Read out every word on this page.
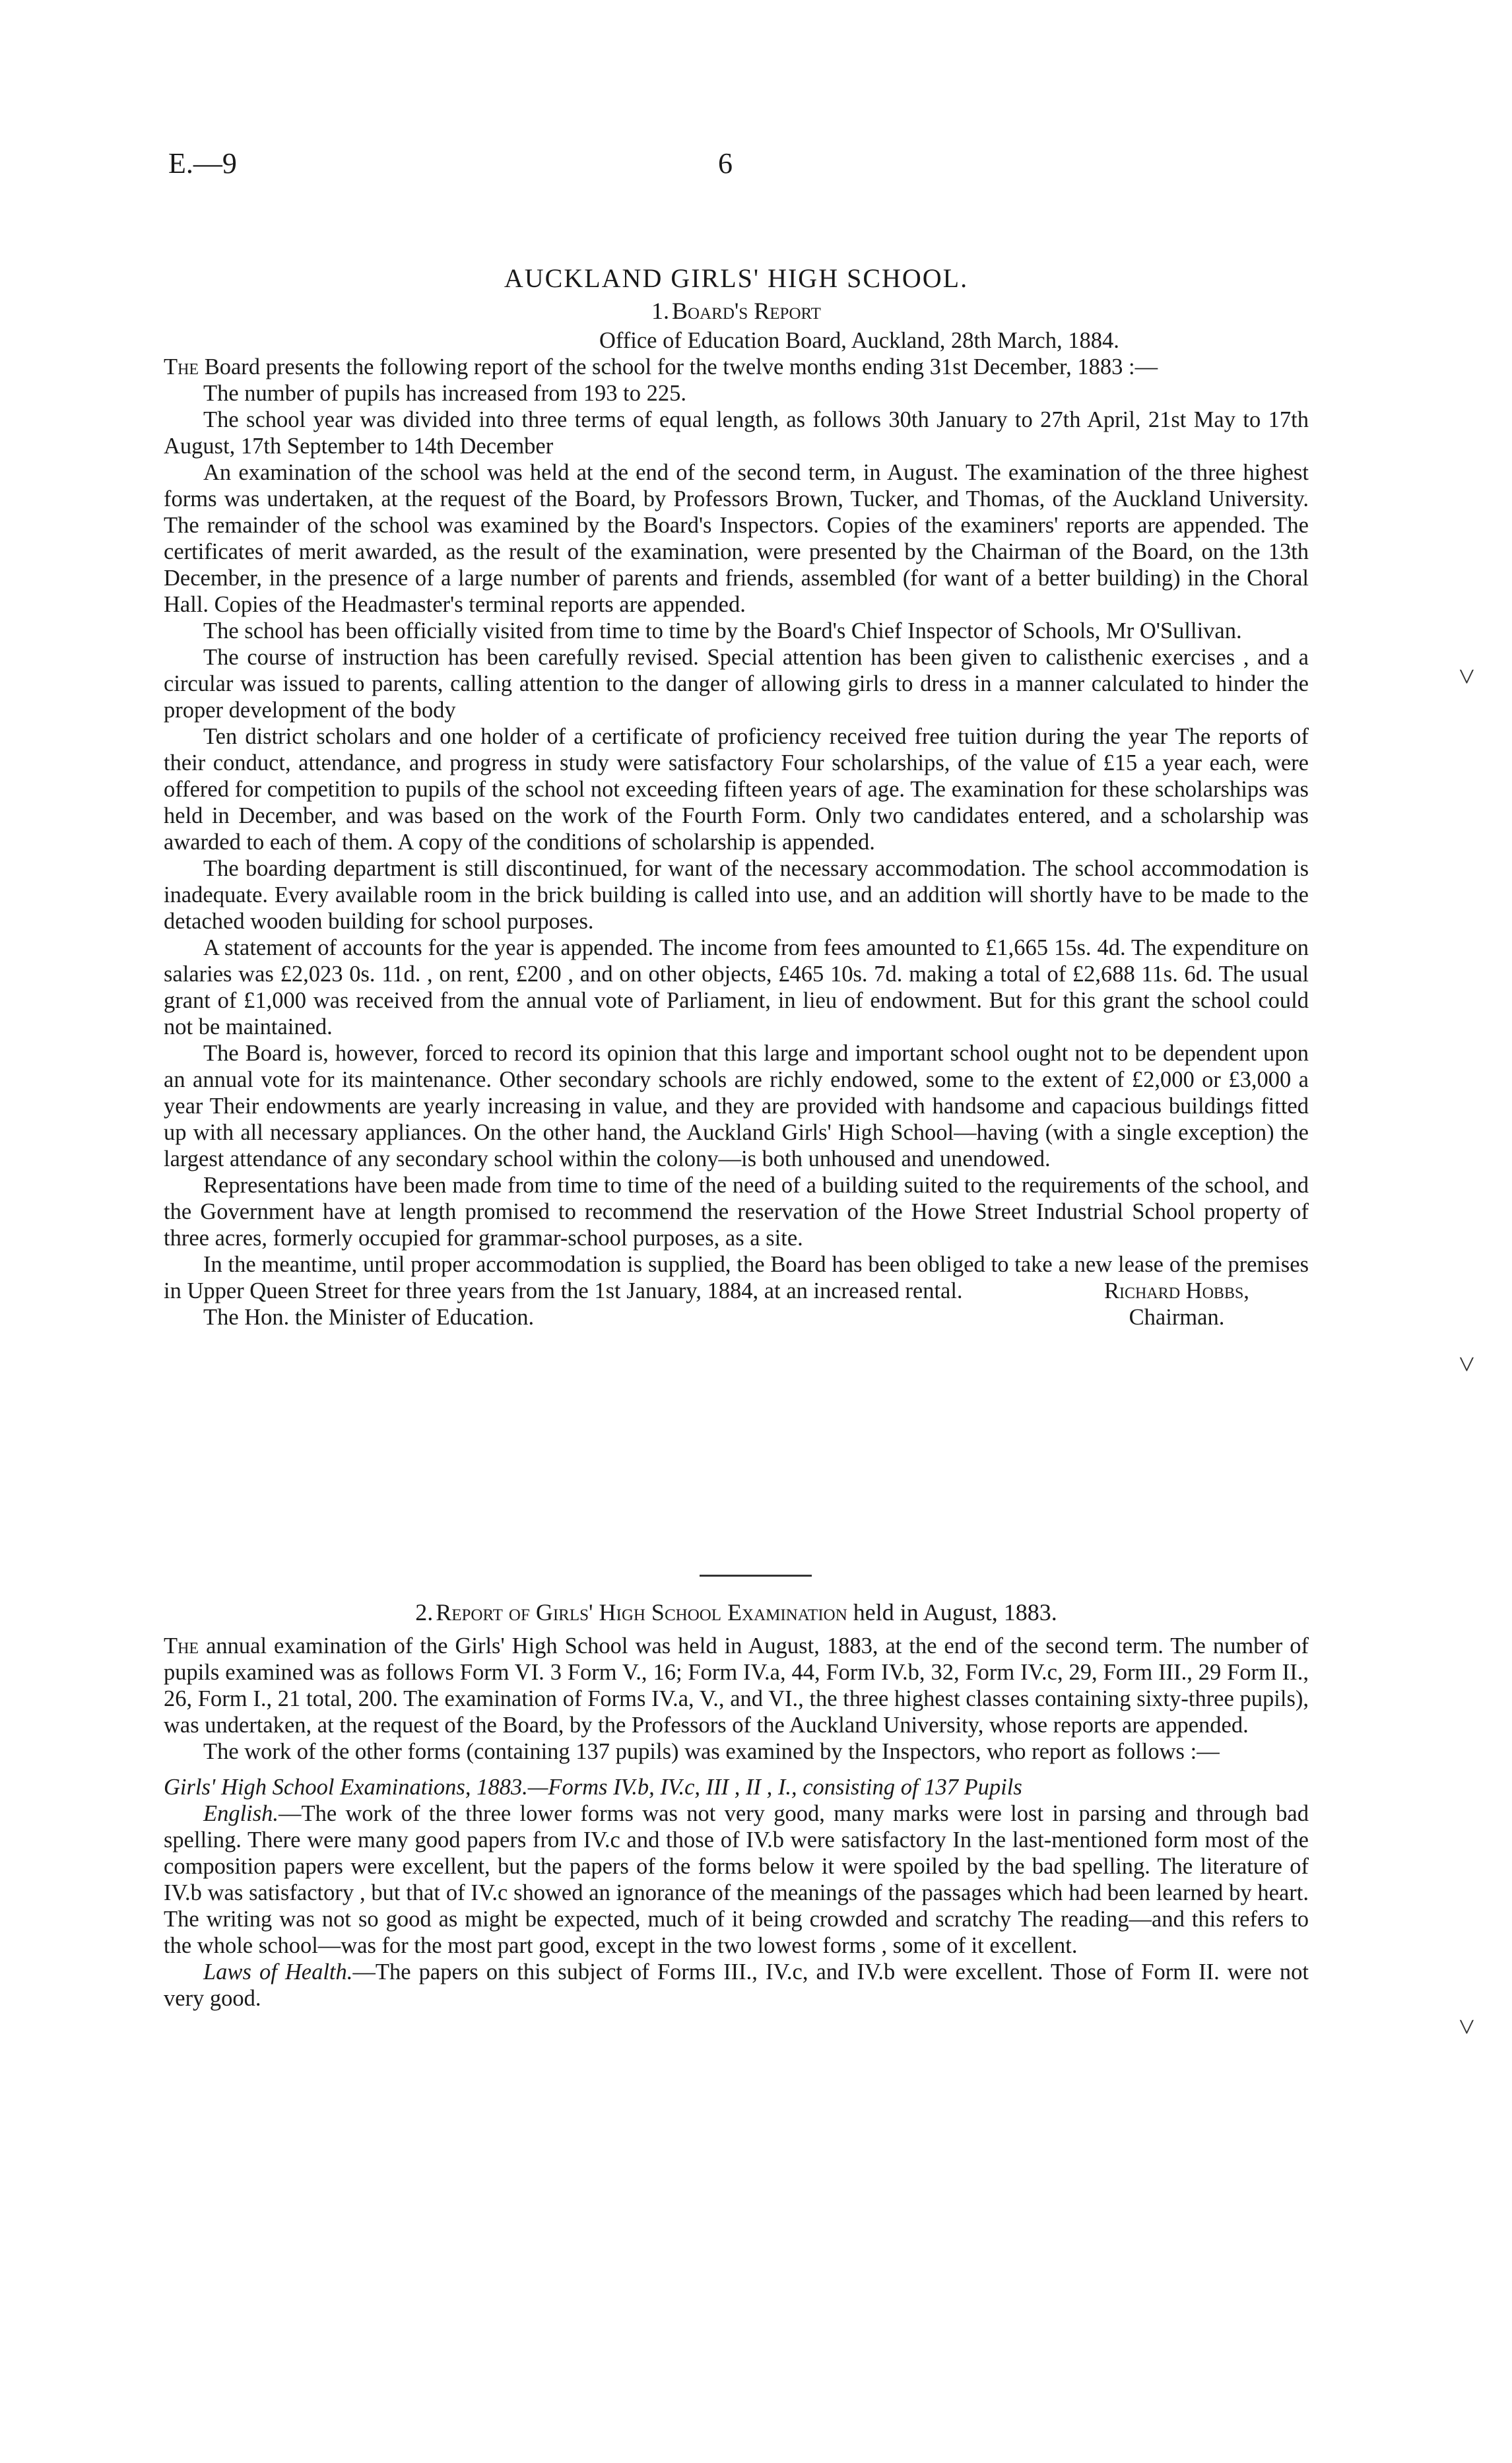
E.—9	6
AUCKLAND GIRLS' HIGH SCHOOL.
1. Board's Report

Office of Education Board, Auckland, 28th March, 1884.

The Board presents the following report of the school for the twelve months ending 31st December, 1883 :—

The number of pupils has increased from 193 to 225.

The school year was divided into three terms of equal length, as follows 30th January to 27th April, 21st May to 17th August, 17th September to 14th December

An examination of the school was held at the end of the second term, in August. The examination of the three highest forms was undertaken, at the request of the Board, by Professors Brown, Tucker, and Thomas, of the Auckland University. The remainder of the school was examined by the Board's Inspectors. Copies of the examiners' reports are appended. The certificates of merit awarded, as the result of the examination, were presented by the Chairman of the Board, on the 13th December, in the presence of a large number of parents and friends, assembled (for want of a better building) in the Choral Hall. Copies of the Headmaster's terminal reports are appended.

The school has been officially visited from time to time by the Board's Chief Inspector of Schools, Mr O'Sullivan.

The course of instruction has been carefully revised. Special attention has been given to calisthenic exercises , and a circular was issued to parents, calling attention to the danger of allowing girls to dress in a manner calculated to hinder the proper development of the body

Ten district scholars and one holder of a certificate of proficiency received free tuition during the year The reports of their conduct, attendance, and progress in study were satisfactory Four scholarships, of the value of £15 a year each, were offered for competition to pupils of the school not exceeding fifteen years of age. The examination for these scholarships was held in December, and was based on the work of the Fourth Form. Only two candidates entered, and a scholarship was awarded to each of them. A copy of the conditions of scholarship is appended.

The boarding department is still discontinued, for want of the necessary accommodation. The school accommodation is inadequate. Every available room in the brick building is called into use, and an addition will shortly have to be made to the detached wooden building for school purposes.

A statement of accounts for the year is appended. The income from fees amounted to £1,665 15s. 4d. The expenditure on salaries was £2,023 0s. 11d. , on rent, £200 , and on other objects, £465 10s. 7d. making a total of £2,688 11s. 6d. The usual grant of £1,000 was received from the annual vote of Parliament, in lieu of endowment. But for this grant the school could not be maintained.

The Board is, however, forced to record its opinion that this large and important school ought not to be dependent upon an annual vote for its maintenance. Other secondary schools are richly endowed, some to the extent of £2,000 or £3,000 a year Their endowments are yearly increasing in value, and they are provided with handsome and capacious buildings fitted up with all necessary appliances. On the other hand, the Auckland Girls' High School—having (with a single exception) the largest attendance of any secondary school within the colony—is both unhoused and unendowed.

Representations have been made from time to time of the need of a building suited to the requirements of the school, and the Government have at length promised to recommend the reservation of the Howe Street Industrial School property of three acres, formerly occupied for grammar-school purposes, as a site.

In the meantime, until proper accommodation is supplied, the Board has been obliged to take a new lease of the premises in Upper Queen Street for three years from the 1st January, 1884, at an increased rental.	Richard Hobbs,
The Hon. the Minister of Education.	Chairman.
2. Report of Girls' High School Examination held in August, 1883.

The annual examination of the Girls' High School was held in August, 1883, at the end of the second term. The number of pupils examined was as follows Form VI. 3 Form V., 16; Form IV.a, 44, Form IV.b, 32, Form IV.c, 29, Form III., 29 Form II., 26, Form I., 21 total, 200. The examination of Forms IV.a, V., and VI., the three highest classes containing sixty-three pupils), was undertaken, at the request of the Board, by the Professors of the Auckland University, whose reports are appended.

The work of the other forms (containing 137 pupils) was examined by the Inspectors, who report as follows :—

Girls' High School Examinations, 1883.—Forms IV.b, IV.c, III , II , I., consisting of 137 Pupils

English.—The work of the three lower forms was not very good, many marks were lost in parsing and through bad spelling. There were many good papers from IV.c and those of IV.b were satisfactory In the last-mentioned form most of the composition papers were excellent, but the papers of the forms below it were spoiled by the bad spelling. The literature of IV.b was satisfactory , but that of IV.c showed an ignorance of the meanings of the passages which had been learned by heart. The writing was not so good as might be expected, much of it being crowded and scratchy The reading—and this refers to the whole school—was for the most part good, except in the two lowest forms , some of it excellent.

Laws of Health.—The papers on this subject of Forms III., IV.c, and IV.b were excellent. Those of Form II. were not very good.

˅
˅
˅
